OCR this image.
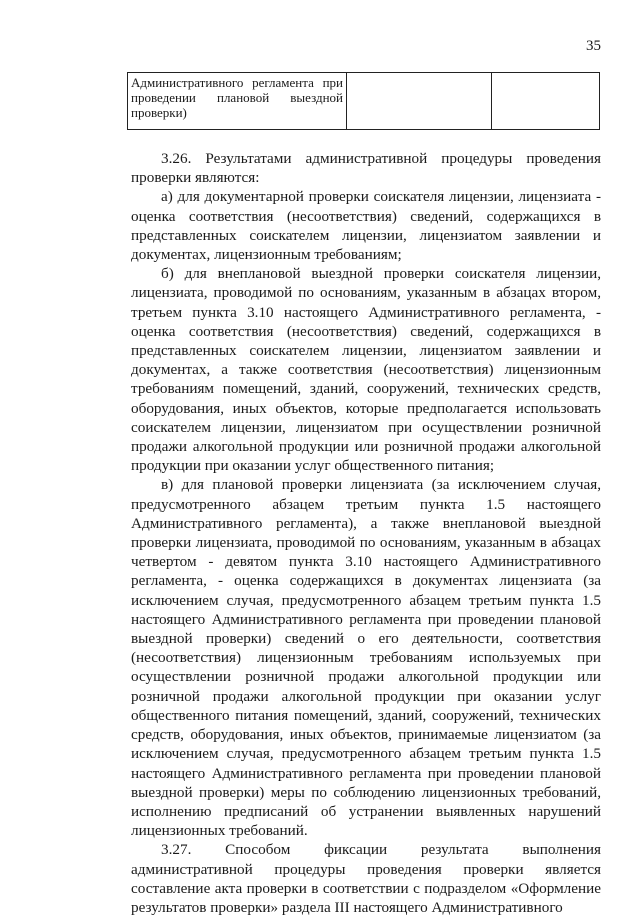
35
Административного регламента при проведении плановой выездной проверки)		

3.26. Результатами административной процедуры проведения проверки являются:

а) для документарной проверки соискателя лицензии, лицензиата - оценка соответствия (несоответствия) сведений, содержащихся в представленных соискателем лицензии, лицензиатом заявлении и документах, лицензионным требованиям;

б) для внеплановой выездной проверки соискателя лицензии, лицензиата, проводимой по основаниям, указанным в абзацах втором, третьем пункта 3.10 настоящего Административного регламента, - оценка соответствия (несоответствия) сведений, содержащихся в представленных соискателем лицензии, лицензиатом заявлении и документах, а также соответствия (несоответствия) лицензионным требованиям помещений, зданий, сооружений, технических средств, оборудования, иных объектов, которые предполагается использовать соискателем лицензии, лицензиатом при осуществлении розничной продажи алкогольной продукции или розничной продажи алкогольной продукции при оказании услуг общественного питания;

в) для плановой проверки лицензиата (за исключением случая, предусмотренного абзацем третьим пункта 1.5 настоящего Административного регламента), а также внеплановой выездной проверки лицензиата, проводимой по основаниям, указанным в абзацах четвертом - девятом пункта 3.10 настоящего Административного регламента, - оценка содержащихся в документах лицензиата (за исключением случая, предусмотренного абзацем третьим пункта 1.5 настоящего Административного регламента при проведении плановой выездной проверки) сведений о его деятельности, соответствия (несоответствия) лицензионным требованиям используемых при осуществлении розничной продажи алкогольной продукции или розничной продажи алкогольной продукции при оказании услуг общественного питания помещений, зданий, сооружений, технических средств, оборудования, иных объектов, принимаемые лицензиатом (за исключением случая, предусмотренного абзацем третьим пункта 1.5 настоящего Административного регламента при проведении плановой выездной проверки) меры по соблюдению лицензионных требований, исполнению предписаний об устранении выявленных нарушений лицензионных требований.

3.27. Способом фиксации результата выполнения административной процедуры проведения проверки является составление акта проверки в соответствии с подразделом «Оформление результатов проверки» раздела III настоящего Административного
